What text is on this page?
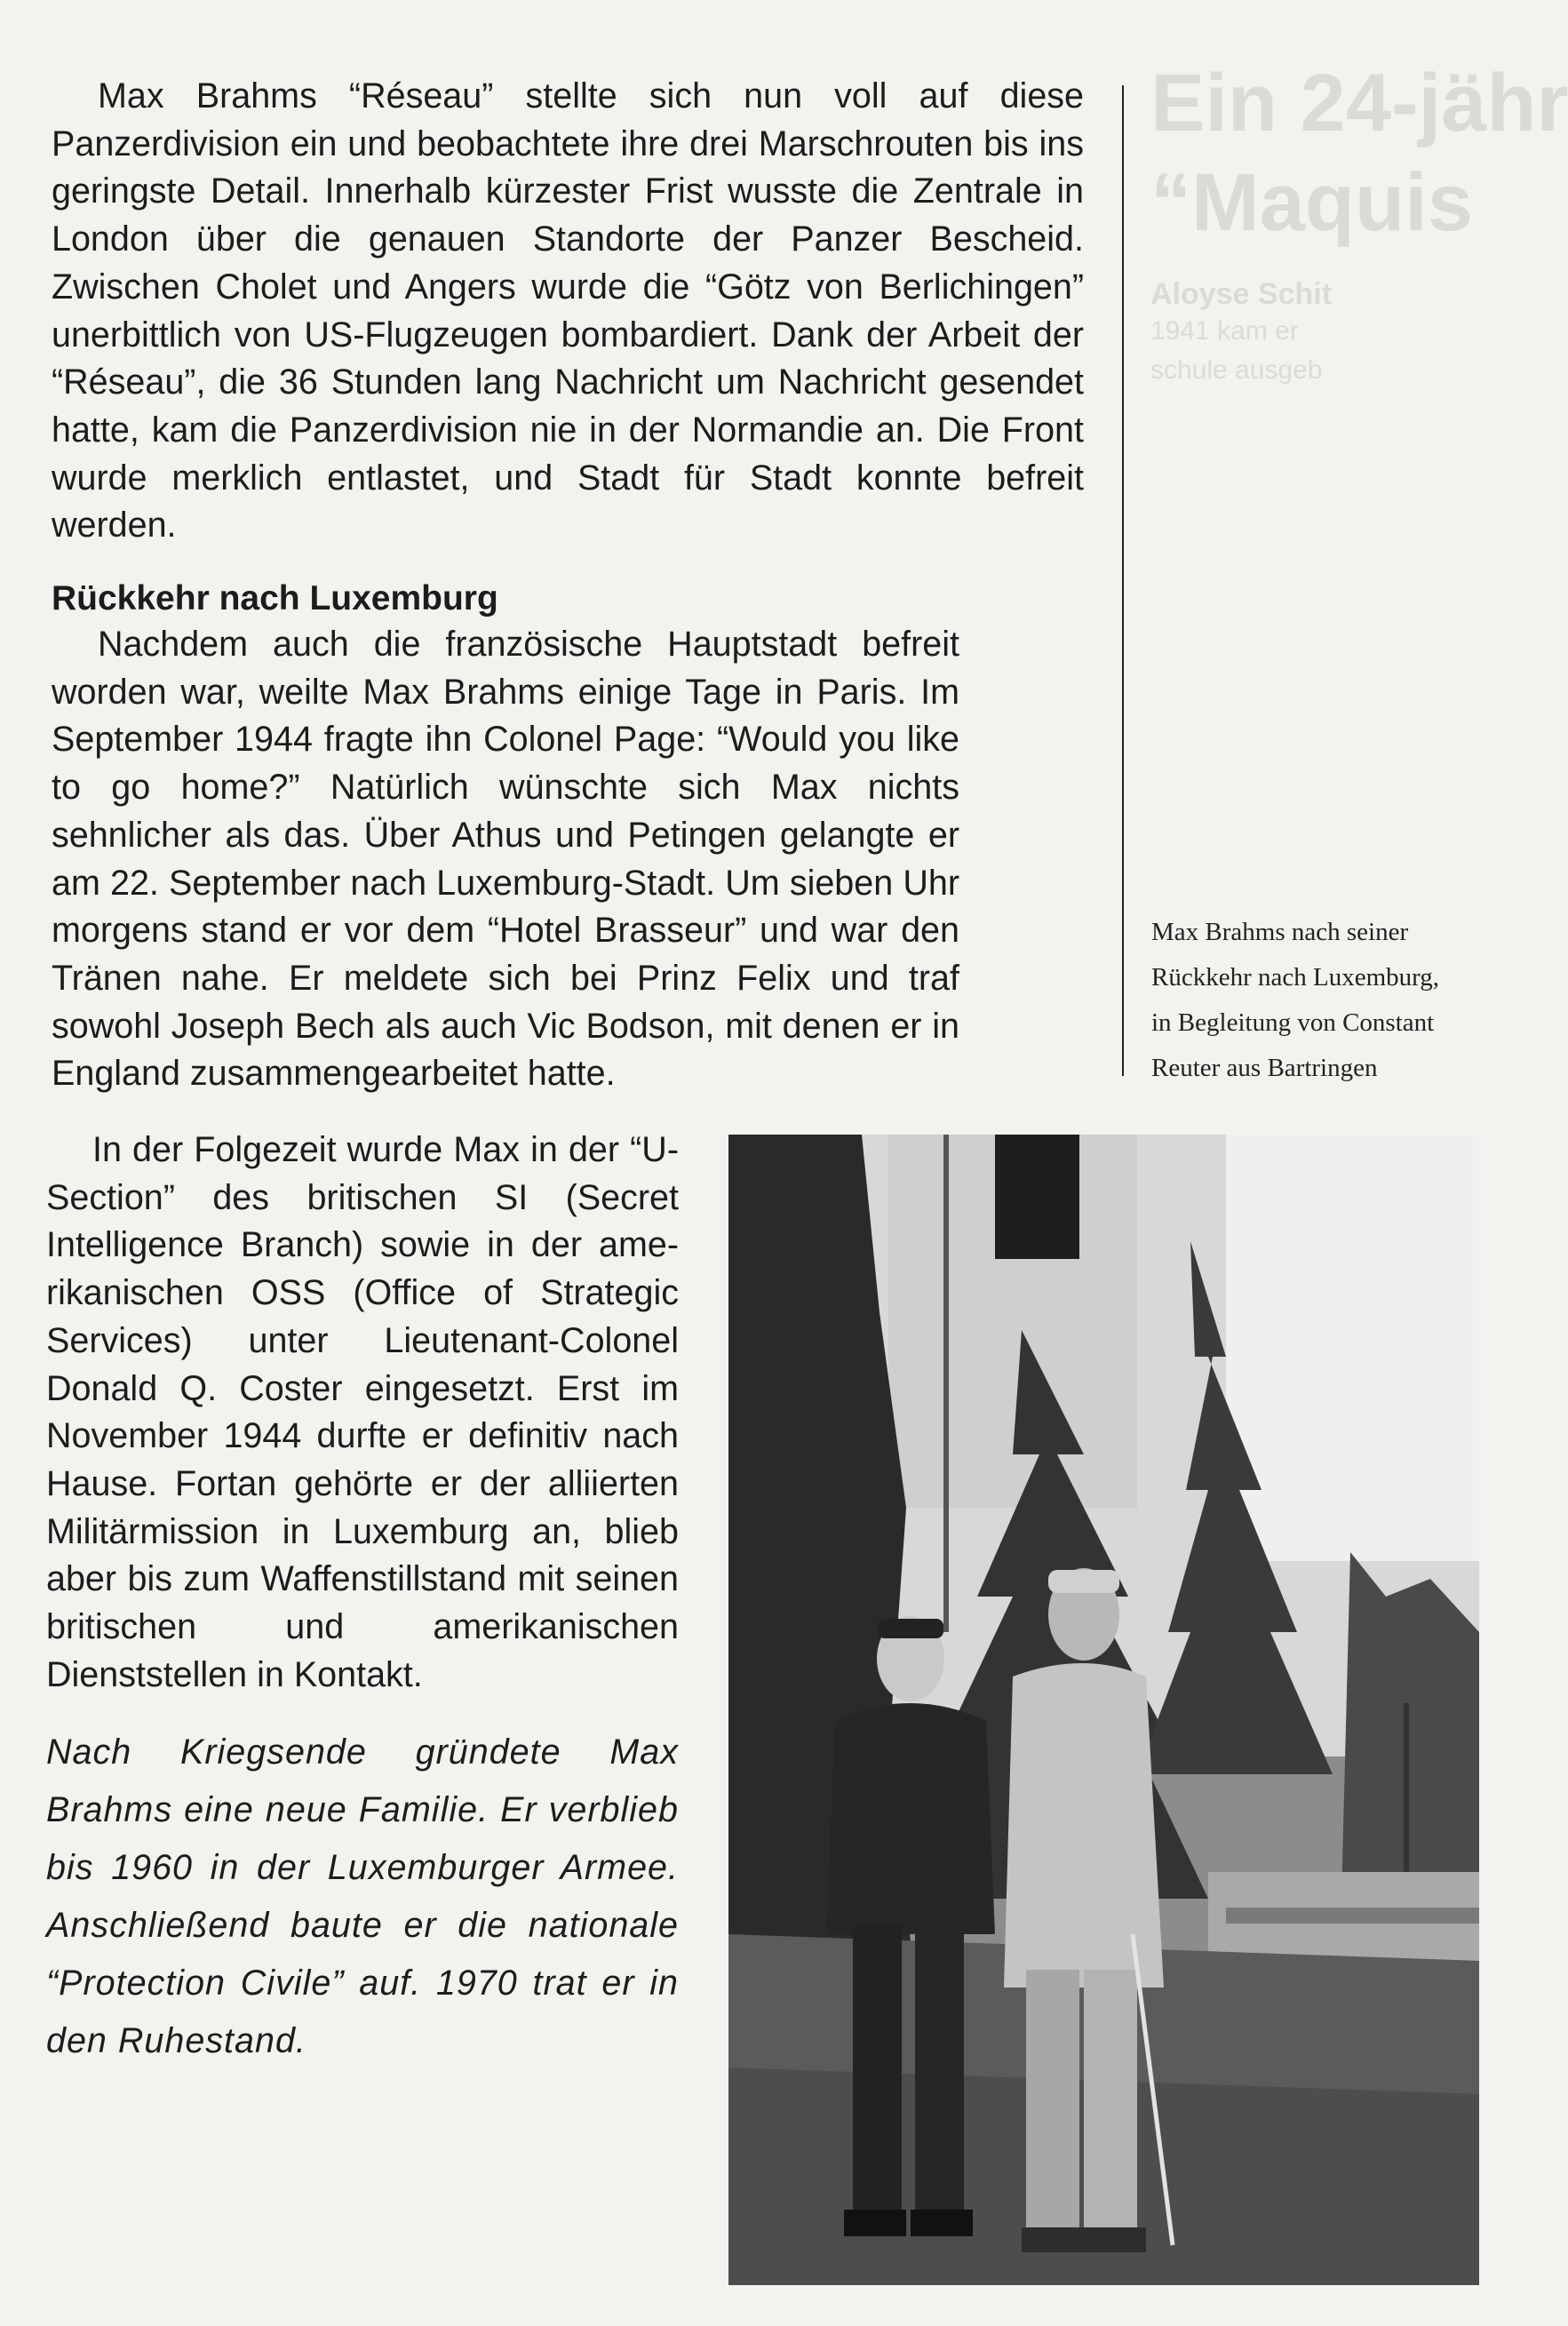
Ein 24-jähr
“Maquis
Aloyse Schit
1941 kam er
schule ausgeb

Max Brahms “Réseau” stellte sich nun voll auf diese Panzerdivision ein und beobachtete ihre drei Marschrouten bis ins geringste Detail. Innerhalb kürzester Frist wusste die Zentrale in London über die genauen Standorte der Panzer Bescheid. Zwischen Cholet und Angers wurde die “Götz von Berlichingen” unerbittlich von US-Flugzeugen bombardiert. Dank der Arbeit der “Réseau”, die 36 Stunden lang Nachricht um Nachricht gesendet hatte, kam die Panzerdivision nie in der Normandie an. Die Front wurde merklich entlastet, und Stadt für Stadt konnte befreit werden.

Rückkehr nach Luxemburg

Nachdem auch die französische Hauptstadt befreit worden war, weilte Max Brahms einige Tage in Paris. Im September 1944 fragte ihn Colonel Page: “Would you like to go home?” Natürlich wünschte sich Max nichts sehnlicher als das. Über Athus und Petingen gelangte er am 22. September nach Luxemburg-Stadt. Um sieben Uhr morgens stand er vor dem “Hotel Brasseur” und war den Tränen nahe. Er meldete sich bei Prinz Felix und traf sowohl Joseph Bech als auch Vic Bodson, mit denen er in England zusammengearbeitet hatte.

In der Folgezeit wurde Max in der “U-Section” des britischen SI (Secret Intelligence Branch) sowie in der amerikanischen OSS (Office of Strategic Services) unter Lieutenant-Colonel Donald Q. Coster eingesetzt. Erst im November 1944 durfte er definitiv nach Hause. Fortan gehörte er der alliierten Militärmission in Luxemburg an, blieb aber bis zum Waffenstillstand mit seinen britischen und amerikanischen Dienststellen in Kontakt.

Nach Kriegsende gründete Max Brahms eine neue Familie. Er verblieb bis 1960 in der Luxemburger Armee. Anschließend baute er die nationale “Protection Civile” auf. 1970 trat er in den Ruhestand.

Max Brahms nach seiner
Rückkehr nach Luxemburg,
in Begleitung von Constant
Reuter aus Bartringen
